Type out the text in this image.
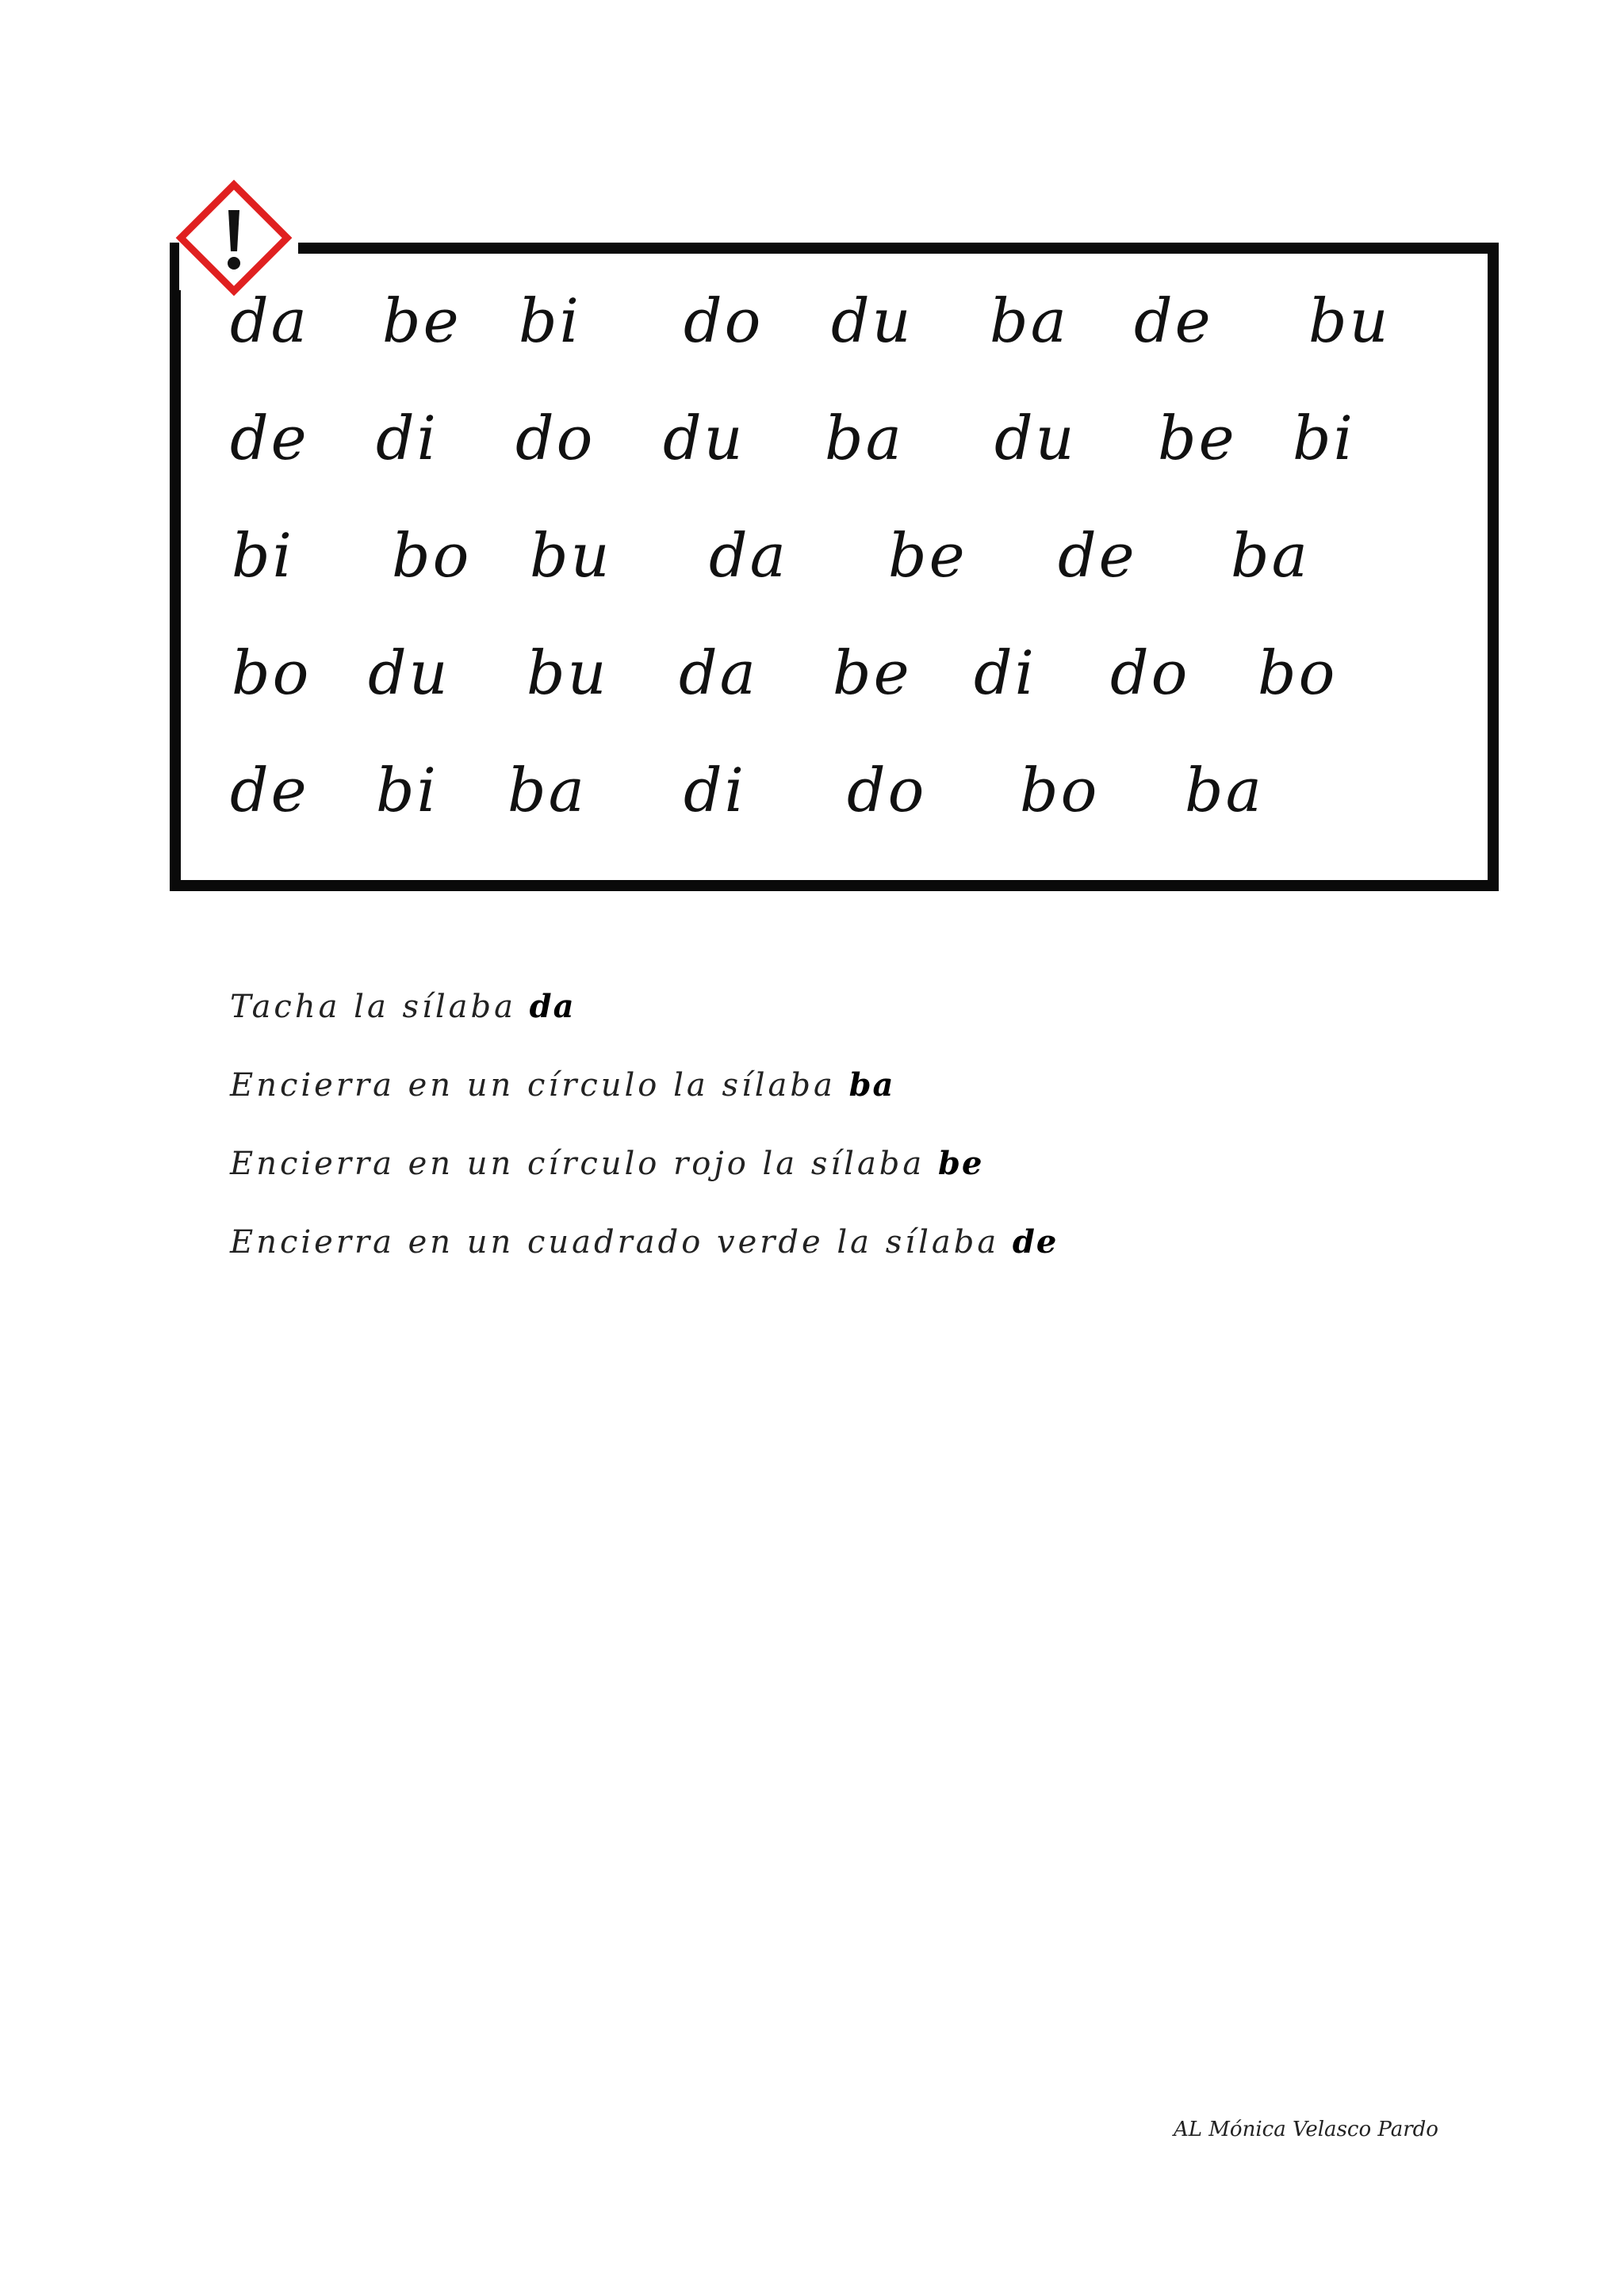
da be bi do du ba de bu
de di do du ba du be bi
bi bo bu da be de ba
bo du bu da be di do bo
de bi ba di do bo ba
Tacha la sílaba da
Encierra en un círculo la sílaba ba
Encierra en un círculo rojo la sílaba be
Encierra en un cuadrado verde la sílaba de
AL Mónica Velasco Pardo
